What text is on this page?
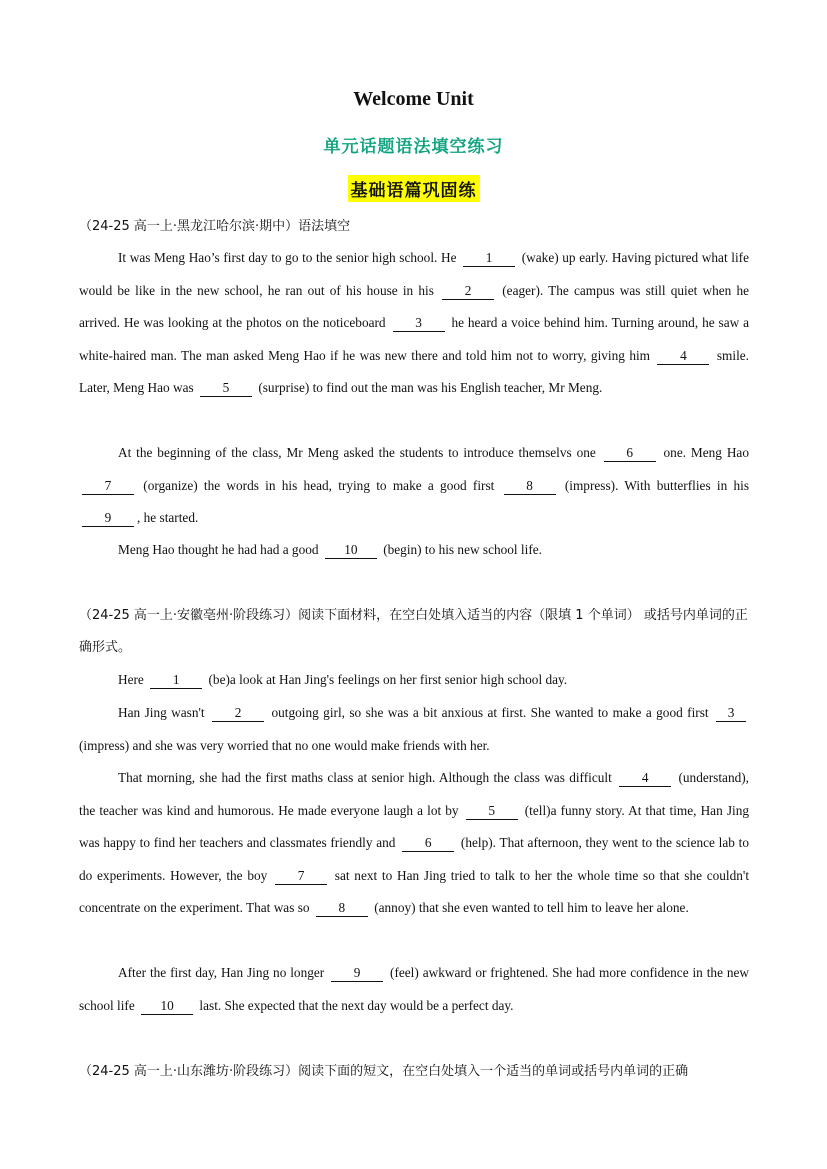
Welcome Unit
单元话题语法填空练习
基础语篇巩固练
（24-25 高一上·黑龙江哈尔滨·期中）语法填空
It was Meng Hao’s first day to go to the senior high school. He 1 (wake) up early. Having pictured what life would be like in the new school, he ran out of his house in his 2 (eager). The campus was still quiet when he arrived. He was looking at the photos on the noticeboard 3 he heard a voice behind him. Turning around, he saw a white-haired man. The man asked Meng Hao if he was new there and told him not to worry, giving him 4 smile. Later, Meng Hao was 5 (surprise) to find out the man was his English teacher, Mr Meng.
At the beginning of the class, Mr Meng asked the students to introduce themselvs one 6 one. Meng Hao 7 (organize) the words in his head, trying to make a good first 8 (impress). With butterflies in his 9 , he started.
Meng Hao thought he had had a good 10 (begin) to his new school life.
（24-25 高一上·安徽亳州·阶段练习）阅读下面材料，在空白处填入适当的内容（限填 1 个单词） 或括号内单词的正确形式。
Here 1 (be)a look at Han Jing's feelings on her first senior high school day.
Han Jing wasn't 2 outgoing girl, so she was a bit anxious at first. She wanted to make a good first 3 (impress) and she was very worried that no one would make friends with her.
That morning, she had the first maths class at senior high. Although the class was difficult 4 (understand), the teacher was kind and humorous. He made everyone laugh a lot by 5 (tell)a funny story. At that time, Han Jing was happy to find her teachers and classmates friendly and 6 (help). That afternoon, they went to the science lab to do experiments. However, the boy 7 sat next to Han Jing tried to talk to her the whole time so that she couldn't concentrate on the experiment. That was so 8 (annoy) that she even wanted to tell him to leave her alone.
After the first day, Han Jing no longer 9 (feel) awkward or frightened. She had more confidence in the new school life 10 last. She expected that the next day would be a perfect day.
（24-25 高一上·山东潍坊·阶段练习）阅读下面的短文，在空白处填入一个适当的单词或括号内单词的正确
